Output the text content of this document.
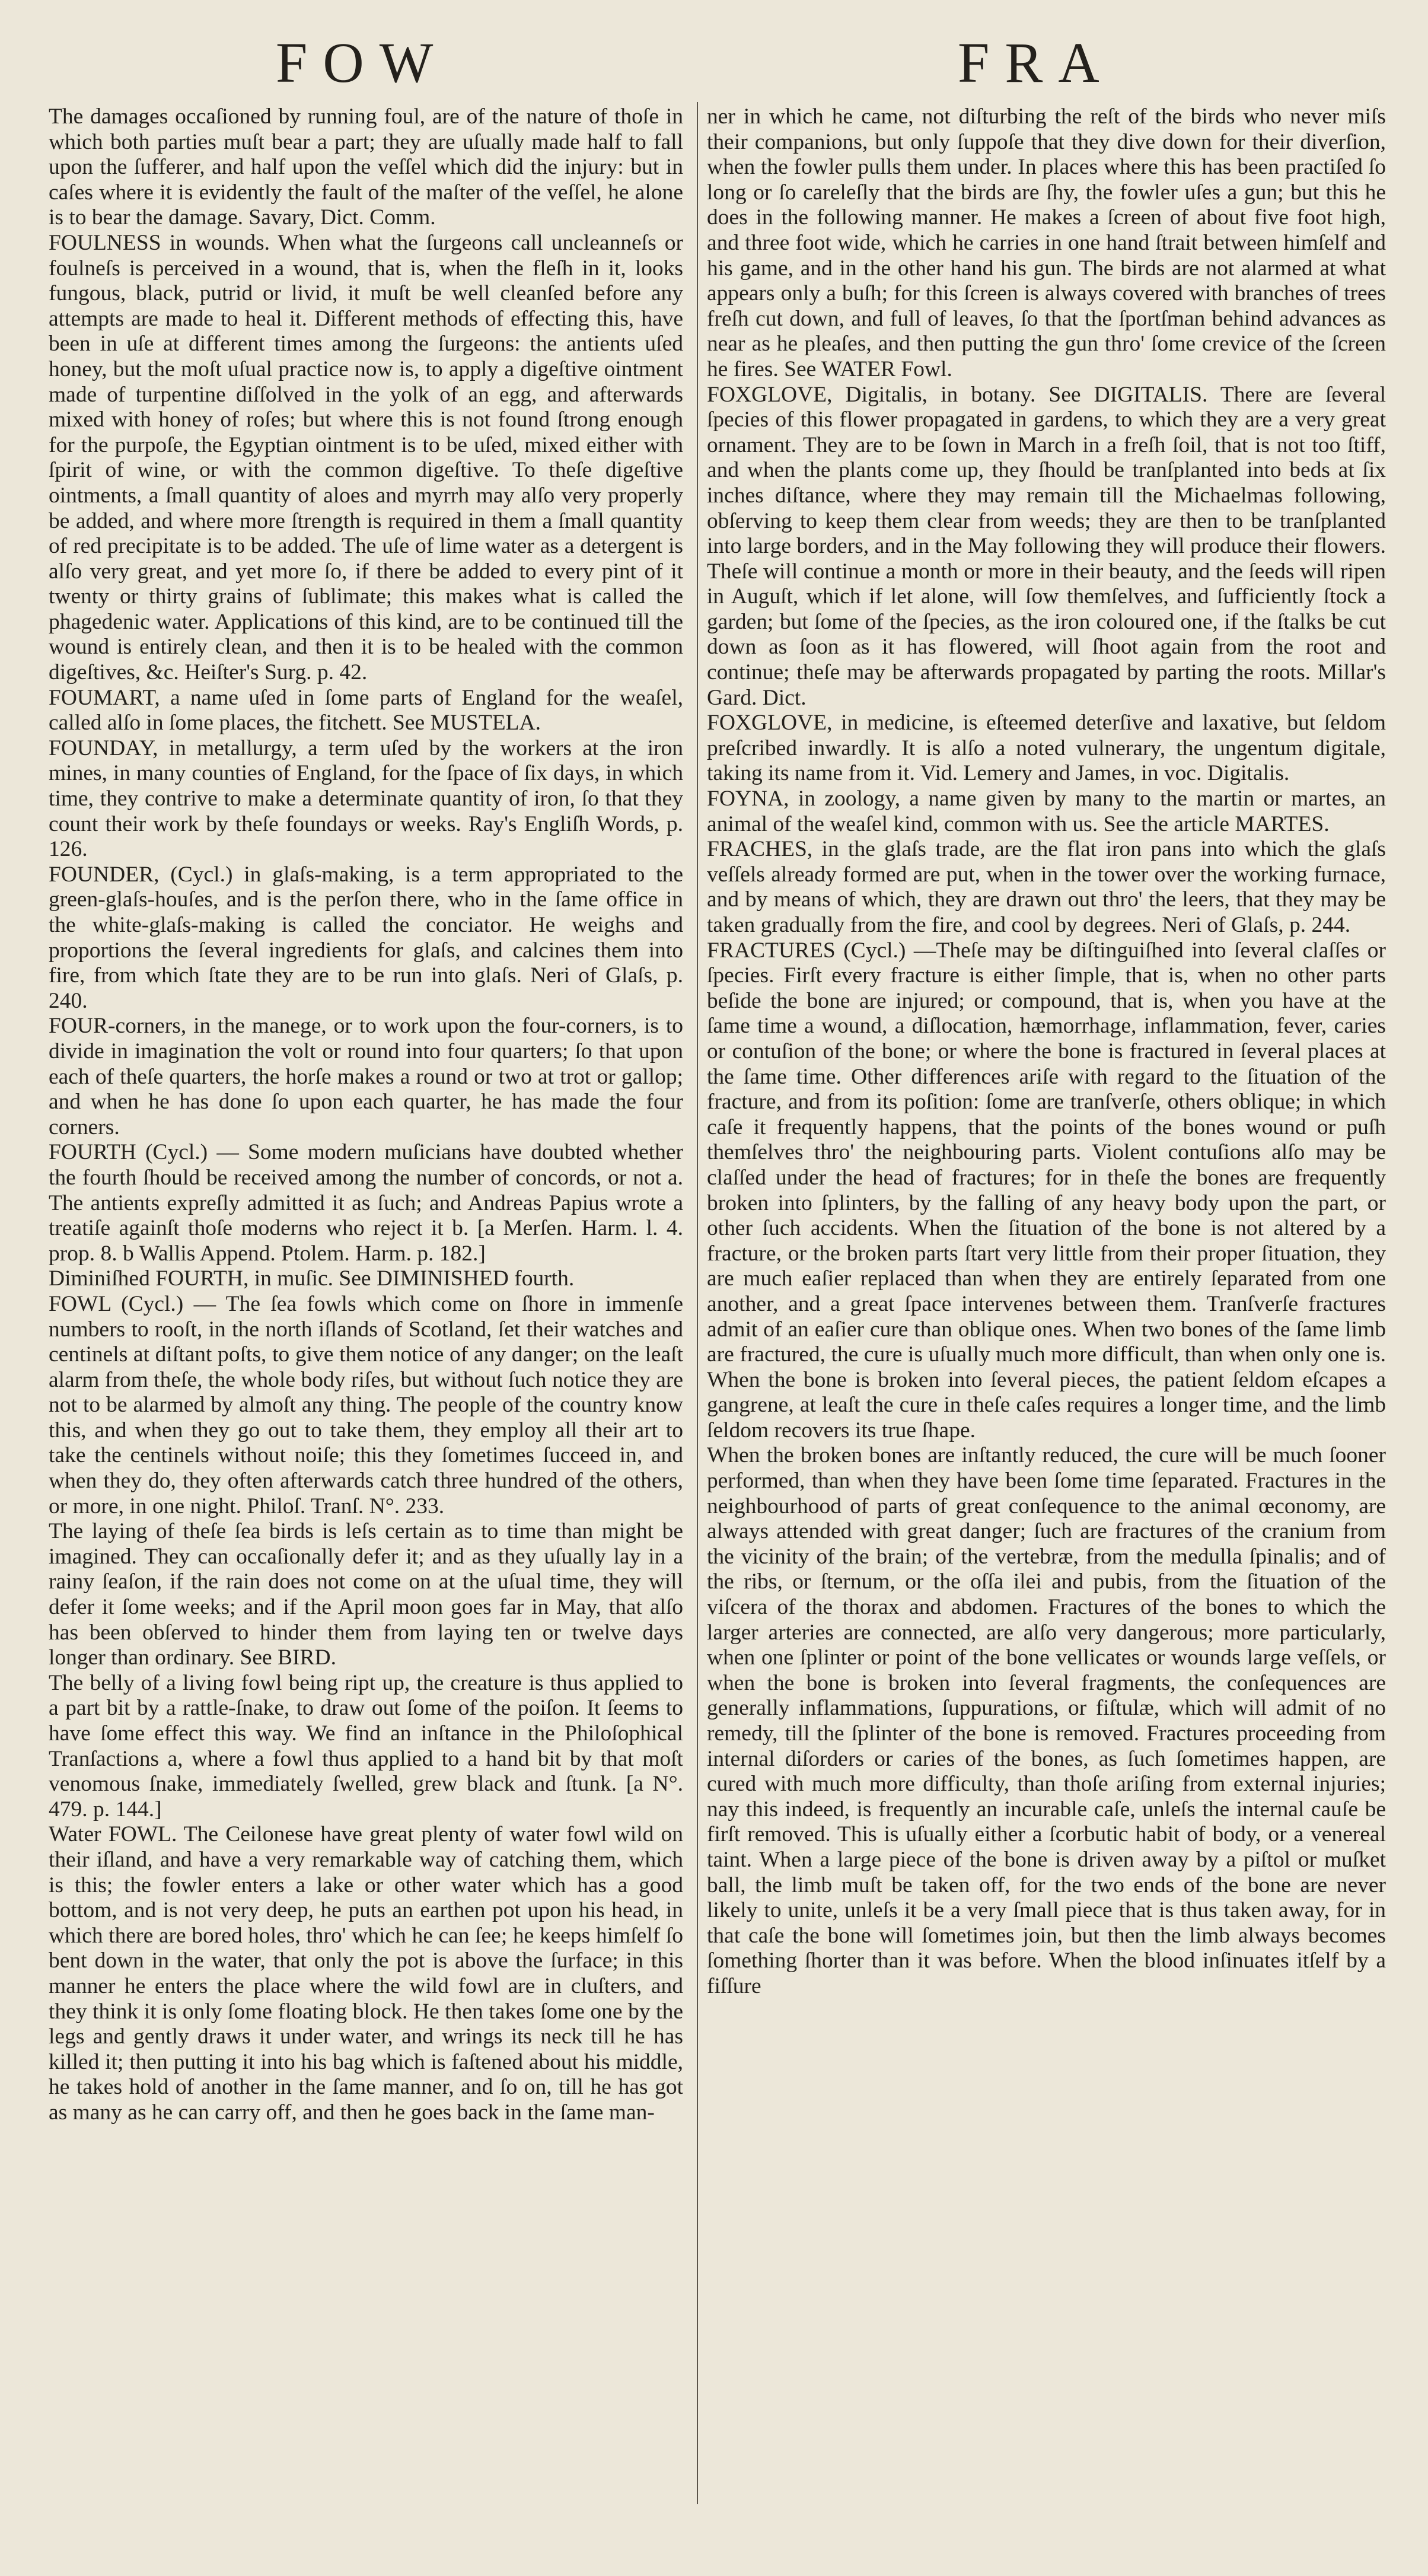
FOW	FRA

The damages occaſioned by running foul, are of the nature of thoſe in which both parties muſt bear a part; they are uſually made half to fall upon the ſufferer, and half upon the veſſel which did the injury: but in caſes where it is evidently the fault of the maſter of the veſſel, he alone is to bear the damage. Savary, Dict. Comm.

FOULNESS in wounds. When what the ſurgeons call uncleanneſs or foulneſs is perceived in a wound, that is, when the fleſh in it, looks fungous, black, putrid or livid, it muſt be well cleanſed before any attempts are made to heal it. Different methods of effecting this, have been in uſe at different times among the ſurgeons: the antients uſed honey, but the moſt uſual practice now is, to apply a digeſtive ointment made of turpentine diſſolved in the yolk of an egg, and afterwards mixed with honey of roſes; but where this is not found ſtrong enough for the purpoſe, the Egyptian ointment is to be uſed, mixed either with ſpirit of wine, or with the common digeſtive. To theſe digeſtive ointments, a ſmall quantity of aloes and myrrh may alſo very properly be added, and where more ſtrength is required in them a ſmall quantity of red precipitate is to be added. The uſe of lime water as a detergent is alſo very great, and yet more ſo, if there be added to every pint of it twenty or thirty grains of ſublimate; this makes what is called the phagedenic water. Applications of this kind, are to be continued till the wound is entirely clean, and then it is to be healed with the common digeſtives, &c. Heiſter's Surg. p. 42.

FOUMART, a name uſed in ſome parts of England for the weaſel, called alſo in ſome places, the fitchett. See MUSTELA.

FOUNDAY, in metallurgy, a term uſed by the workers at the iron mines, in many counties of England, for the ſpace of ſix days, in which time, they contrive to make a determinate quantity of iron, ſo that they count their work by theſe foundays or weeks. Ray's Engliſh Words, p. 126.

FOUNDER, (Cycl.) in glaſs-making, is a term appropriated to the green-glaſs-houſes, and is the perſon there, who in the ſame office in the white-glaſs-making is called the conciator. He weighs and proportions the ſeveral ingredients for glaſs, and calcines them into fire, from which ſtate they are to be run into glaſs. Neri of Glaſs, p. 240.

FOUR-corners, in the manege, or to work upon the four-corners, is to divide in imagination the volt or round into four quarters; ſo that upon each of theſe quarters, the horſe makes a round or two at trot or gallop; and when he has done ſo upon each quarter, he has made the four corners.

FOURTH (Cycl.) — Some modern muſicians have doubted whether the fourth ſhould be received among the number of concords, or not a. The antients expreſly admitted it as ſuch; and Andreas Papius wrote a treatiſe againſt thoſe moderns who reject it b. [a Merſen. Harm. l. 4. prop. 8. b Wallis Append. Ptolem. Harm. p. 182.]

Diminiſhed FOURTH, in muſic. See DIMINISHED fourth.

FOWL (Cycl.) — The ſea fowls which come on ſhore in immenſe numbers to rooſt, in the north iſlands of Scotland, ſet their watches and centinels at diſtant poſts, to give them notice of any danger; on the leaſt alarm from theſe, the whole body riſes, but without ſuch notice they are not to be alarmed by almoſt any thing. The people of the country know this, and when they go out to take them, they employ all their art to take the centinels without noiſe; this they ſometimes ſucceed in, and when they do, they often afterwards catch three hundred of the others, or more, in one night. Philoſ. Tranſ. N°. 233.

The laying of theſe ſea birds is leſs certain as to time than might be imagined. They can occaſionally defer it; and as they uſually lay in a rainy ſeaſon, if the rain does not come on at the uſual time, they will defer it ſome weeks; and if the April moon goes far in May, that alſo has been obſerved to hinder them from laying ten or twelve days longer than ordinary. See BIRD.

The belly of a living fowl being ript up, the creature is thus applied to a part bit by a rattle-ſnake, to draw out ſome of the poiſon. It ſeems to have ſome effect this way. We find an inſtance in the Philoſophical Tranſactions a, where a fowl thus applied to a hand bit by that moſt venomous ſnake, immediately ſwelled, grew black and ſtunk. [a N°. 479. p. 144.]

Water FOWL. The Ceilonese have great plenty of water fowl wild on their iſland, and have a very remarkable way of catching them, which is this; the fowler enters a lake or other water which has a good bottom, and is not very deep, he puts an earthen pot upon his head, in which there are bored holes, thro' which he can ſee; he keeps himſelf ſo bent down in the water, that only the pot is above the ſurface; in this manner he enters the place where the wild fowl are in cluſters, and they think it is only ſome floating block. He then takes ſome one by the legs and gently draws it under water, and wrings its neck till he has killed it; then putting it into his bag which is faſtened about his middle, he takes hold of another in the ſame manner, and ſo on, till he has got as many as he can carry off, and then he goes back in the ſame man-

ner in which he came, not diſturbing the reſt of the birds who never miſs their companions, but only ſuppoſe that they dive down for their diverſion, when the fowler pulls them under. In places where this has been practiſed ſo long or ſo careleſly that the birds are ſhy, the fowler uſes a gun; but this he does in the following manner. He makes a ſcreen of about five foot high, and three foot wide, which he carries in one hand ſtrait between himſelf and his game, and in the other hand his gun. The birds are not alarmed at what appears only a buſh; for this ſcreen is always covered with branches of trees freſh cut down, and full of leaves, ſo that the ſportſman behind advances as near as he pleaſes, and then putting the gun thro' ſome crevice of the ſcreen he fires. See WATER Fowl.

FOXGLOVE, Digitalis, in botany. See DIGITALIS. There are ſeveral ſpecies of this flower propagated in gardens, to which they are a very great ornament. They are to be ſown in March in a freſh ſoil, that is not too ſtiff, and when the plants come up, they ſhould be tranſplanted into beds at ſix inches diſtance, where they may remain till the Michaelmas following, obſerving to keep them clear from weeds; they are then to be tranſplanted into large borders, and in the May following they will produce their flowers. Theſe will continue a month or more in their beauty, and the ſeeds will ripen in Auguſt, which if let alone, will ſow themſelves, and ſufficiently ſtock a garden; but ſome of the ſpecies, as the iron coloured one, if the ſtalks be cut down as ſoon as it has flowered, will ſhoot again from the root and continue; theſe may be afterwards propagated by parting the roots. Millar's Gard. Dict.

FOXGLOVE, in medicine, is eſteemed deterſive and laxative, but ſeldom preſcribed inwardly. It is alſo a noted vulnerary, the ungentum digitale, taking its name from it. Vid. Lemery and James, in voc. Digitalis.

FOYNA, in zoology, a name given by many to the martin or martes, an animal of the weaſel kind, common with us. See the article MARTES.

FRACHES, in the glaſs trade, are the flat iron pans into which the glaſs veſſels already formed are put, when in the tower over the working furnace, and by means of which, they are drawn out thro' the leers, that they may be taken gradually from the fire, and cool by degrees. Neri of Glaſs, p. 244.

FRACTURES (Cycl.) —Theſe may be diſtinguiſhed into ſeveral claſſes or ſpecies. Firſt every fracture is either ſimple, that is, when no other parts beſide the bone are injured; or compound, that is, when you have at the ſame time a wound, a diſlocation, hæmorrhage, inflammation, fever, caries or contuſion of the bone; or where the bone is fractured in ſeveral places at the ſame time. Other differences ariſe with regard to the ſituation of the fracture, and from its poſition: ſome are tranſverſe, others oblique; in which caſe it frequently happens, that the points of the bones wound or puſh themſelves thro' the neighbouring parts. Violent contuſions alſo may be claſſed under the head of fractures; for in theſe the bones are frequently broken into ſplinters, by the falling of any heavy body upon the part, or other ſuch accidents. When the ſituation of the bone is not altered by a fracture, or the broken parts ſtart very little from their proper ſituation, they are much eaſier replaced than when they are entirely ſeparated from one another, and a great ſpace intervenes between them. Tranſverſe fractures admit of an eaſier cure than oblique ones. When two bones of the ſame limb are fractured, the cure is uſually much more difficult, than when only one is. When the bone is broken into ſeveral pieces, the patient ſeldom eſcapes a gangrene, at leaſt the cure in theſe caſes requires a longer time, and the limb ſeldom recovers its true ſhape.

When the broken bones are inſtantly reduced, the cure will be much ſooner performed, than when they have been ſome time ſeparated. Fractures in the neighbourhood of parts of great conſequence to the animal œconomy, are always attended with great danger; ſuch are fractures of the cranium from the vicinity of the brain; of the vertebræ, from the medulla ſpinalis; and of the ribs, or ſternum, or the oſſa ilei and pubis, from the ſituation of the viſcera of the thorax and abdomen. Fractures of the bones to which the larger arteries are connected, are alſo very dangerous; more particularly, when one ſplinter or point of the bone vellicates or wounds large veſſels, or when the bone is broken into ſeveral fragments, the conſequences are generally inflammations, ſuppurations, or fiſtulæ, which will admit of no remedy, till the ſplinter of the bone is removed. Fractures proceeding from internal diſorders or caries of the bones, as ſuch ſometimes happen, are cured with much more difficulty, than thoſe ariſing from external injuries; nay this indeed, is frequently an incurable caſe, unleſs the internal cauſe be firſt removed. This is uſually either a ſcorbutic habit of body, or a venereal taint. When a large piece of the bone is driven away by a piſtol or muſket ball, the limb muſt be taken off, for the two ends of the bone are never likely to unite, unleſs it be a very ſmall piece that is thus taken away, for in that caſe the bone will ſometimes join, but then the limb always becomes ſomething ſhorter than it was before. When the blood inſinuates itſelf by a fiſſure
